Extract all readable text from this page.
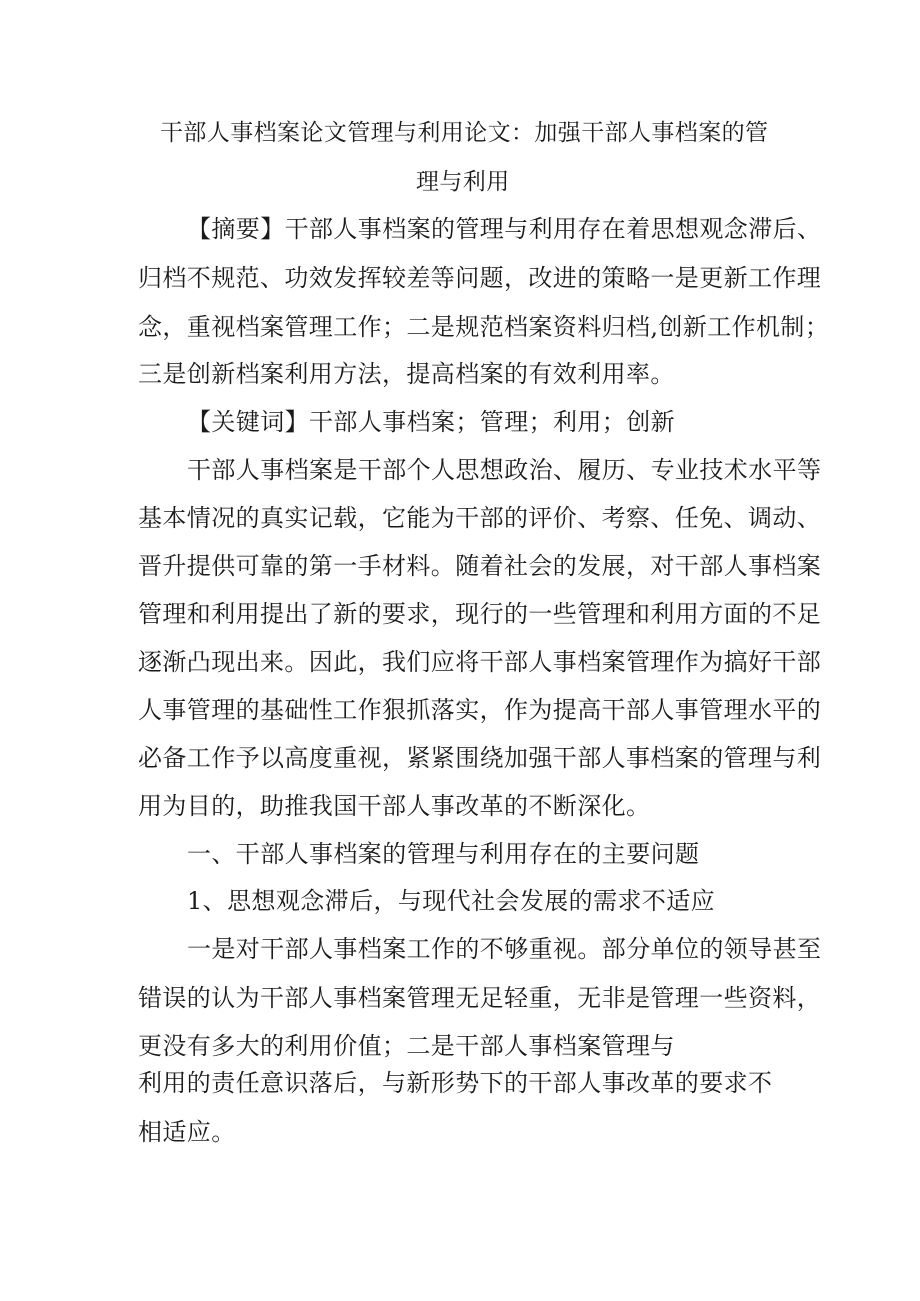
干部人事档案论文管理与利用论文：加强干部人事档案的管
理与利用
【摘要】干部人事档案的管理与利用存在着思想观念滞后、
归档不规范、功效发挥较差等问题，改进的策略一是更新工作理
念，重视档案管理工作；二是规范档案资料归档,创新工作机制；
三是创新档案利用方法，提高档案的有效利用率。
【关键词】干部人事档案；管理；利用；创新
干部人事档案是干部个人思想政治、履历、专业技术水平等
基本情况的真实记载，它能为干部的评价、考察、任免、调动、
晋升提供可靠的第一手材料。随着社会的发展，对干部人事档案
管理和利用提出了新的要求，现行的一些管理和利用方面的不足
逐渐凸现出来。因此，我们应将干部人事档案管理作为搞好干部
人事管理的基础性工作狠抓落实，作为提高干部人事管理水平的
必备工作予以高度重视，紧紧围绕加强干部人事档案的管理与利
用为目的，助推我国干部人事改革的不断深化。
一、干部人事档案的管理与利用存在的主要问题
1、思想观念滞后，与现代社会发展的需求不适应
一是对干部人事档案工作的不够重视。部分单位的领导甚至
错误的认为干部人事档案管理无足轻重，无非是管理一些资料，
更没有多大的利用价值；二是干部人事档案管理与
利用的责任意识落后，与新形势下的干部人事改革的要求不
相适应。
